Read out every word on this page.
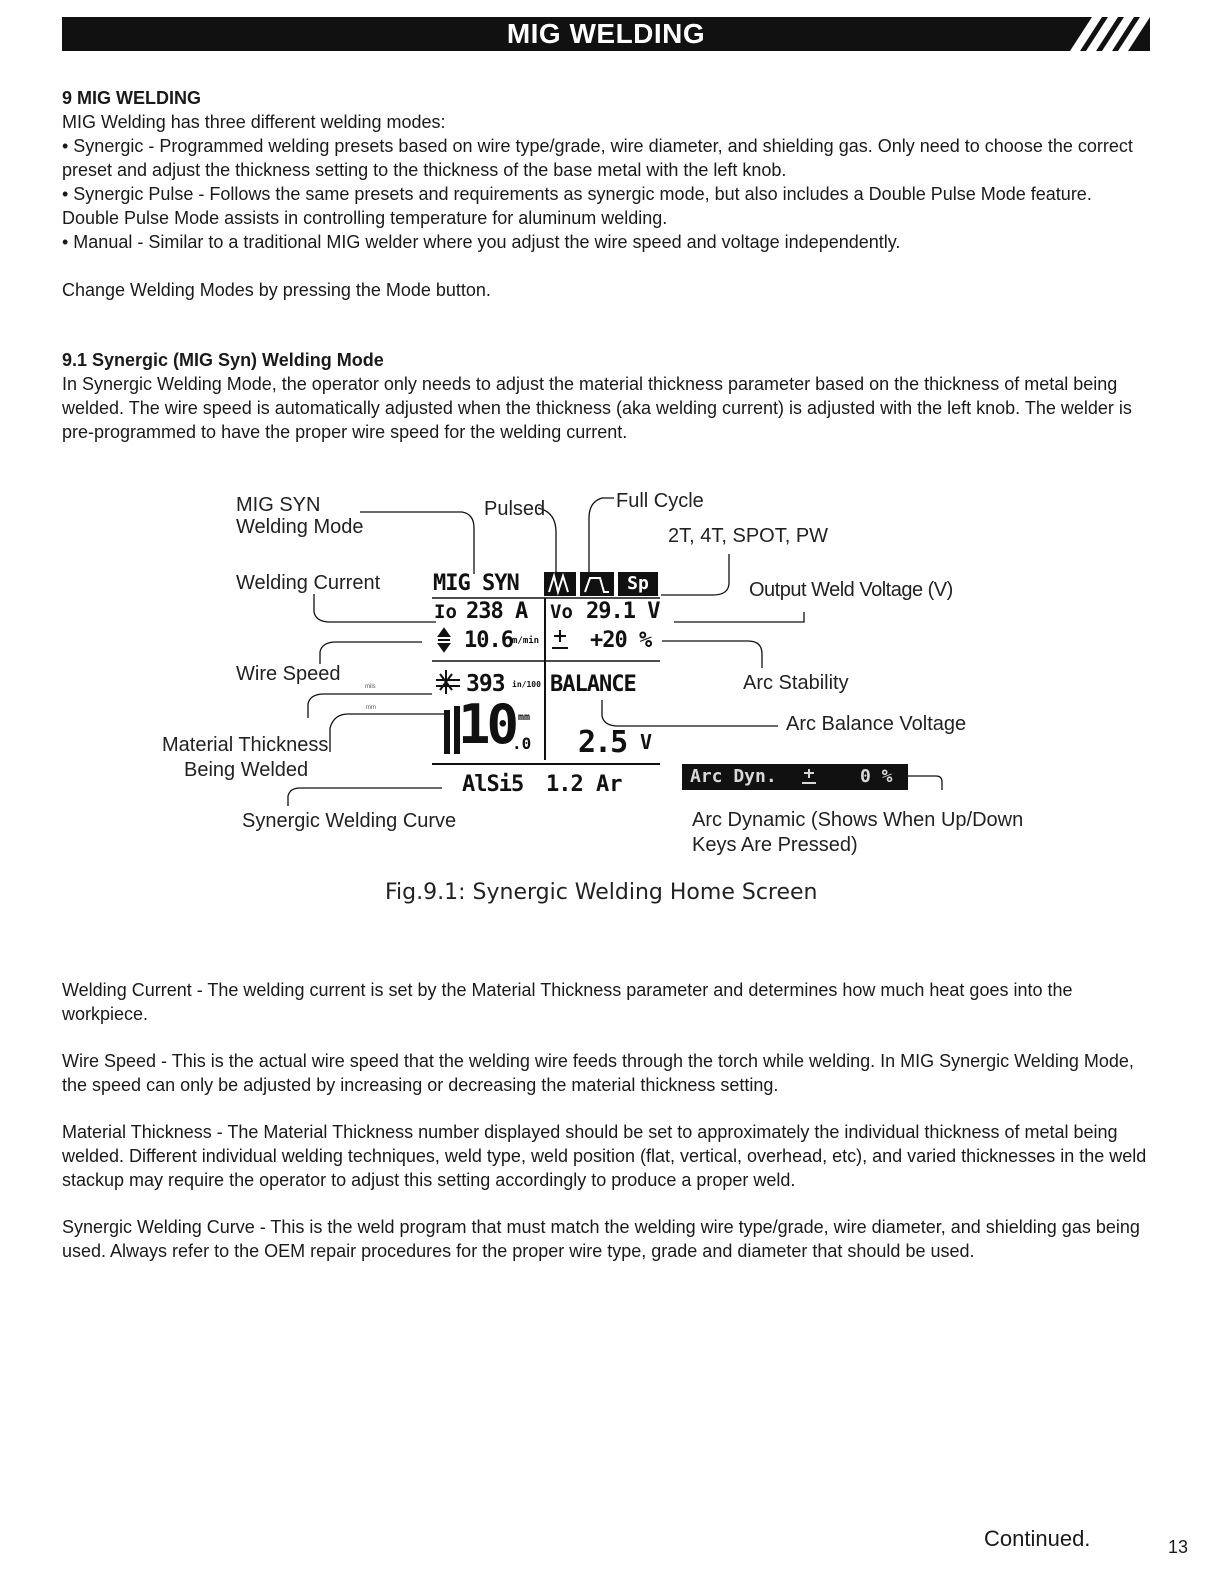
MIG WELDING

9 MIG WELDING

MIG Welding has three different welding modes:

• Synergic - Programmed welding presets based on wire type/grade, wire diameter, and shielding gas. Only need to choose the correct preset and adjust the thickness setting to the thickness of the base metal with the left knob.

• Synergic Pulse - Follows the same presets and requirements as synergic mode, but also includes a Double Pulse Mode feature. Double Pulse Mode assists in controlling temperature for aluminum welding.

• Manual - Similar to a traditional MIG welder where you adjust the wire speed and voltage independently.

Change Welding Modes by pressing the Mode button.

9.1 Synergic (MIG Syn) Welding Mode

In Synergic Welding Mode, the operator only needs to adjust the material thickness parameter based on the thickness of metal being welded. The wire speed is automatically adjusted when the thickness (aka welding current) is adjusted with the left knob. The welder is pre-programmed to have the proper wire speed for the welding current.

MIG SYN
Welding Mode
Pulsed	Full Cycle
2T, 4T, SPOT, PW
Welding Current	Output Weld Voltage (V)
Wire Speed
mils
mm
Arc Stability
Arc Balance Voltage
Material Thickness
Being Welded
Synergic Welding Curve	Arc Dynamic (Shows When Up/Down
Keys Are Pressed)
MIG SYN	Sp
Io 238 A Vo 29.1 V
10.6 m/min +20 %
393 in/100 BALANCE
10
.0
mm
2.5 V
AlSi5 1.2 Ar	Arc Dyn.	0 %
Fig.9.1: Synergic Welding Home Screen

Welding Current - The welding current is set by the Material Thickness parameter and determines how much heat goes into the workpiece.

Wire Speed - This is the actual wire speed that the welding wire feeds through the torch while welding. In MIG Synergic Welding Mode, the speed can only be adjusted by increasing or decreasing the material thickness setting.

Material Thickness - The Material Thickness number displayed should be set to approximately the individual thickness of metal being welded. Different individual welding techniques, weld type, weld position (flat, vertical, overhead, etc), and varied thicknesses in the weld stackup may require the operator to adjust this setting accordingly to produce a proper weld.

Synergic Welding Curve - This is the weld program that must match the welding wire type/grade, wire diameter, and shielding gas being used. Always refer to the OEM repair procedures for the proper wire type, grade and diameter that should be used.

Continued.	13
